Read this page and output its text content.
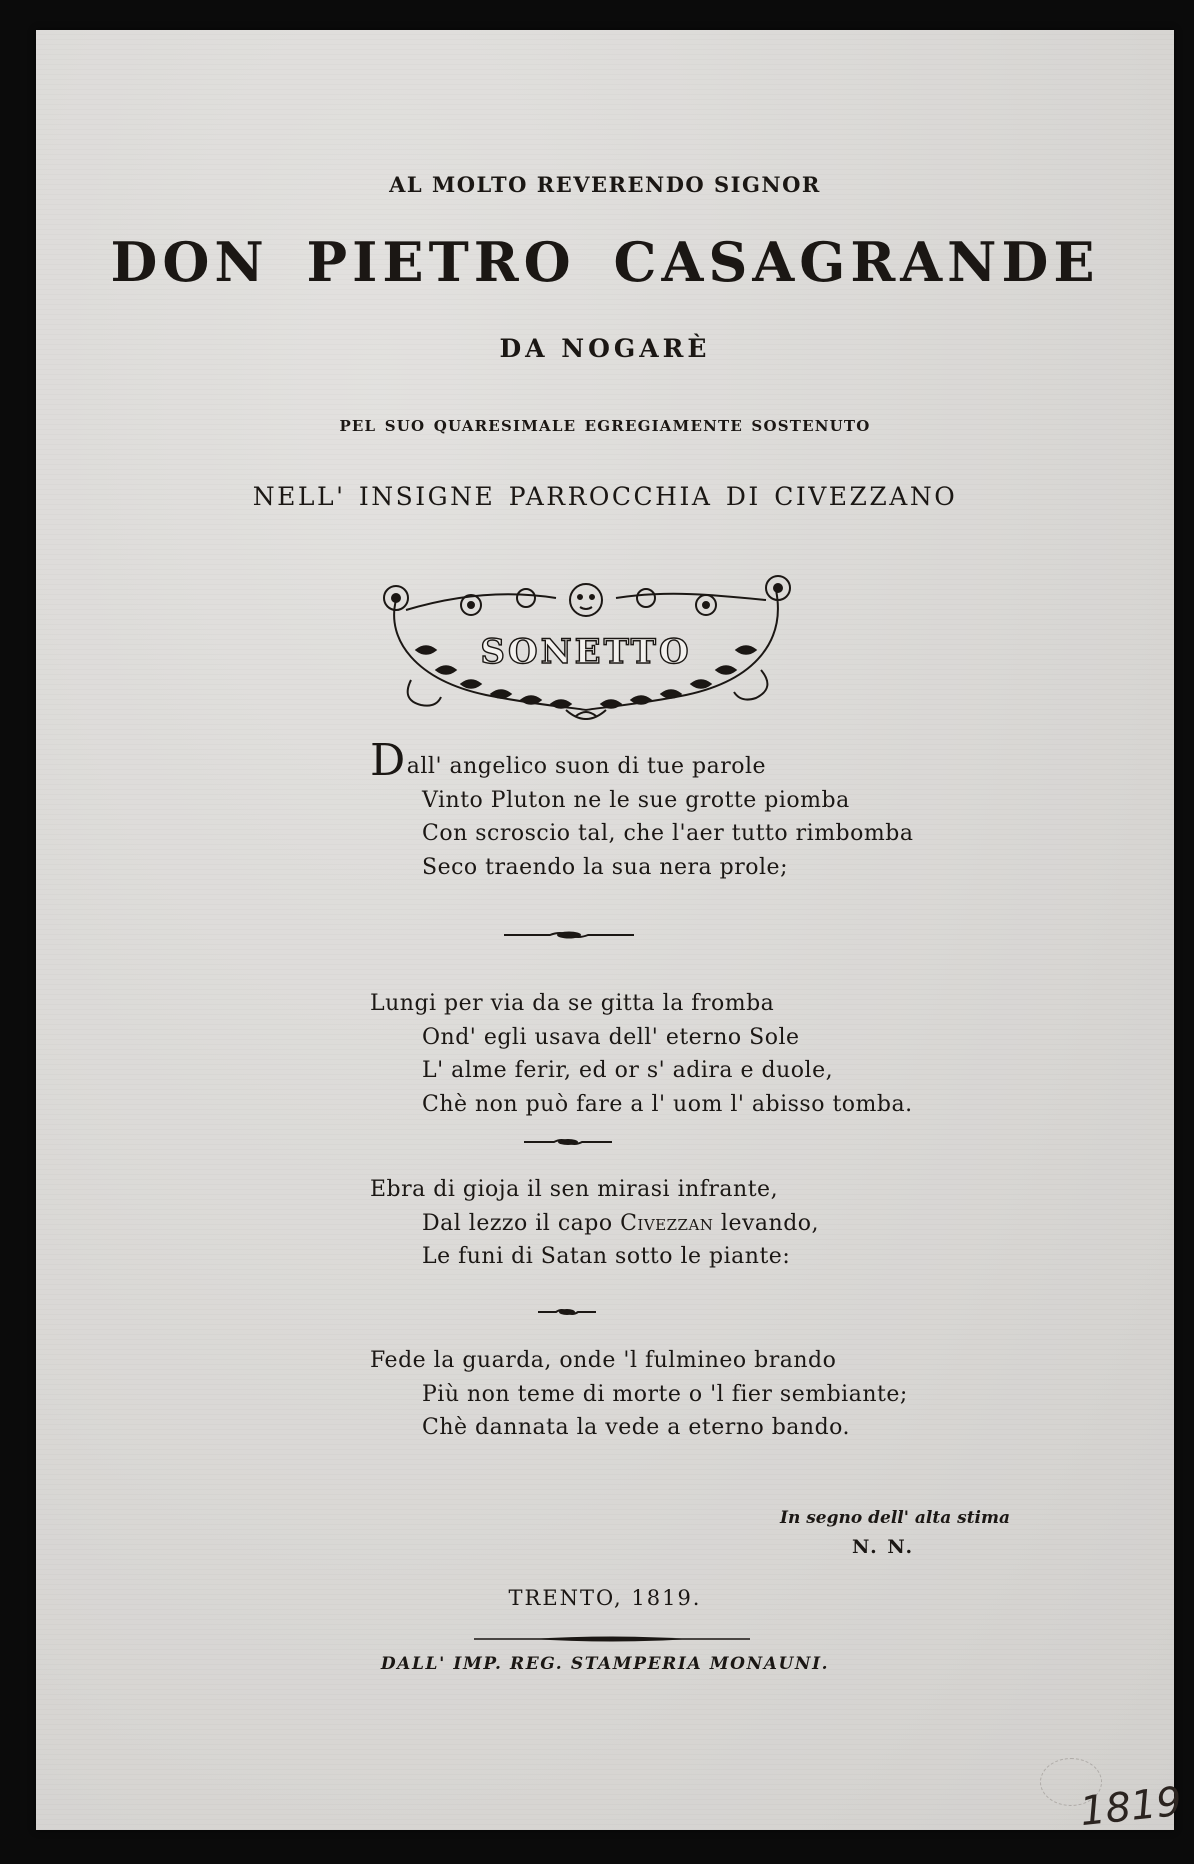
AL MOLTO REVERENDO SIGNOR
DON PIETRO CASAGRANDE
DA NOGARÈ
PEL SUO QUARESIMALE EGREGIAMENTE SOSTENUTO
NELL' INSIGNE PARROCCHIA DI CIVEZZANO
SONETTO
Dall' angelico suon di tue parole
Vinto Pluton ne le sue grotte piomba
Con scroscio tal, che l'aer tutto rimbomba
Seco traendo la sua nera prole;
Lungi per via da se gitta la fromba
Ond' egli usava dell' eterno Sole
L' alme ferir, ed or s' adira e duole,
Chè non può fare a l' uom l' abisso tomba.
Ebra di gioja il sen mirasi infrante,
Dal lezzo il capo Civezzan levando,
Le funi di Satan sotto le piante:
Fede la guarda, onde 'l fulmineo brando
Più non teme di morte o 'l fier sembiante;
Chè dannata la vede a eterno bando.
In segno dell' alta stima
N. N.
TRENTO, 1819.
DALL' IMP. REG. STAMPERIA MONAUNI.
1819
